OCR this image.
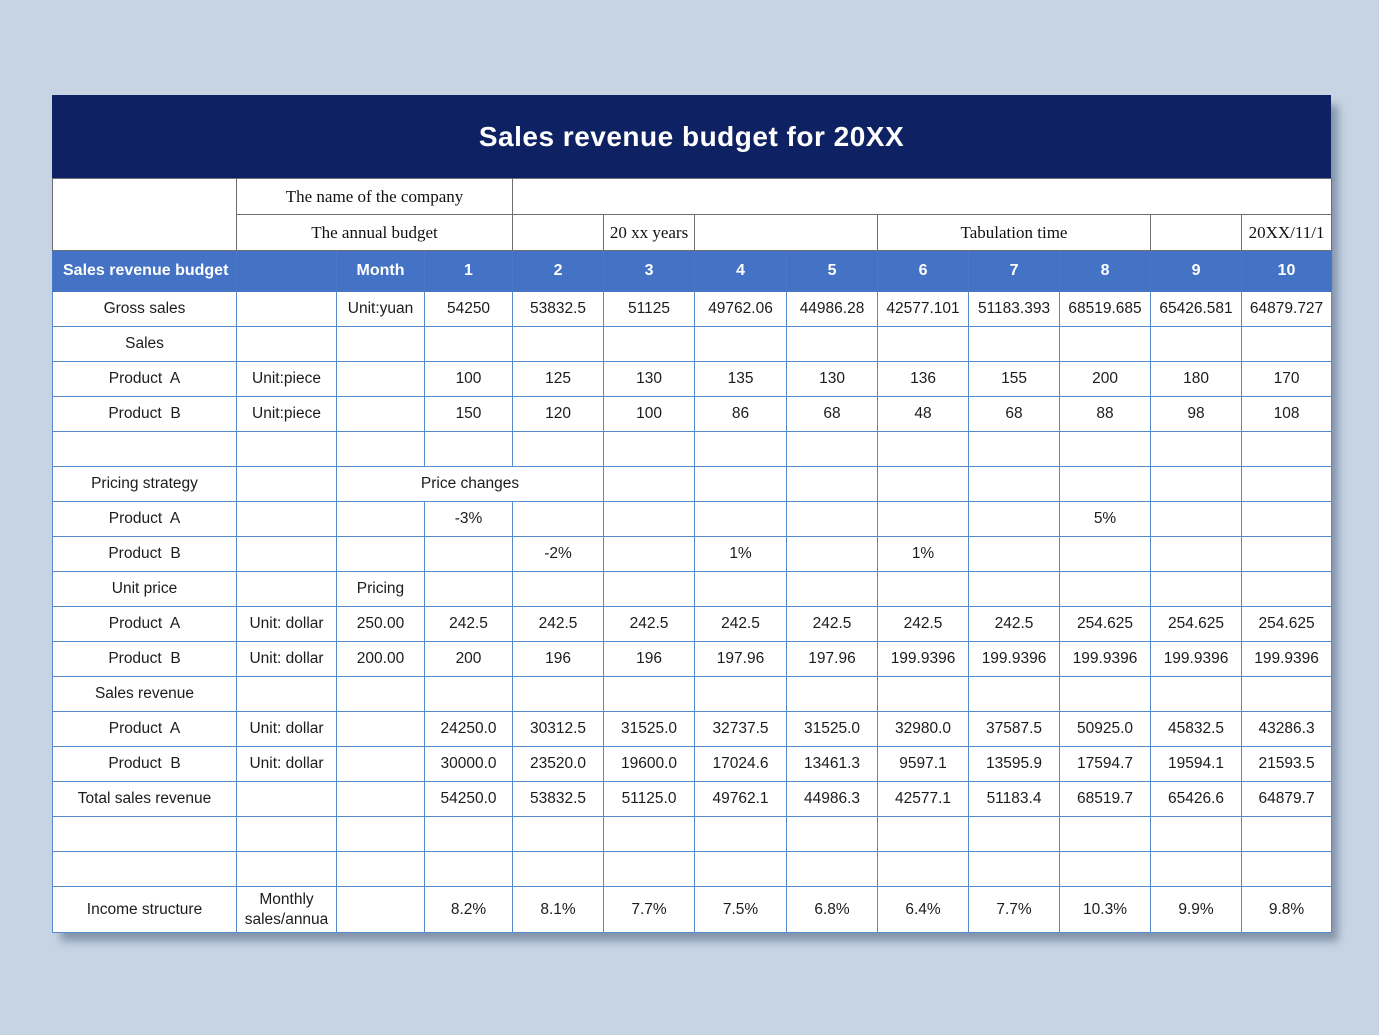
Sales revenue budget for 20XX
	The name of the company											
	The annual budget				20 xx years			Tabulation time				20XX/11/1
Sales revenue budget		Month	1	2	3	4	5	6	7	8	9	10
Gross sales		Unit:yuan	54250	53832.5	51125	49762.06	44986.28	42577.101	51183.393	68519.685	65426.581	64879.727
Sales												
Product  A	Unit:piece		100	125	130	135	130	136	155	200	180	170
Product  B	Unit:piece		150	120	100	86	68	48	68	88	98	108

Pricing strategy		Price changes										
Product  A			-3%							5%		
Product  B				-2%		1%		1%				
Unit price		Pricing										
Product  A	Unit: dollar	250.00	242.5	242.5	242.5	242.5	242.5	242.5	242.5	254.625	254.625	254.625
Product  B	Unit: dollar	200.00	200	196	196	197.96	197.96	199.9396	199.9396	199.9396	199.9396	199.9396
Sales revenue												
Product  A	Unit: dollar		24250.0	30312.5	31525.0	32737.5	31525.0	32980.0	37587.5	50925.0	45832.5	43286.3
Product  B	Unit: dollar		30000.0	23520.0	19600.0	17024.6	13461.3	9597.1	13595.9	17594.7	19594.1	21593.5
Total sales revenue			54250.0	53832.5	51125.0	49762.1	44986.3	42577.1	51183.4	68519.7	65426.6	64879.7

Income structure	Monthly sales/annua		8.2%	8.1%	7.7%	7.5%	6.8%	6.4%	7.7%	10.3%	9.9%	9.8%
